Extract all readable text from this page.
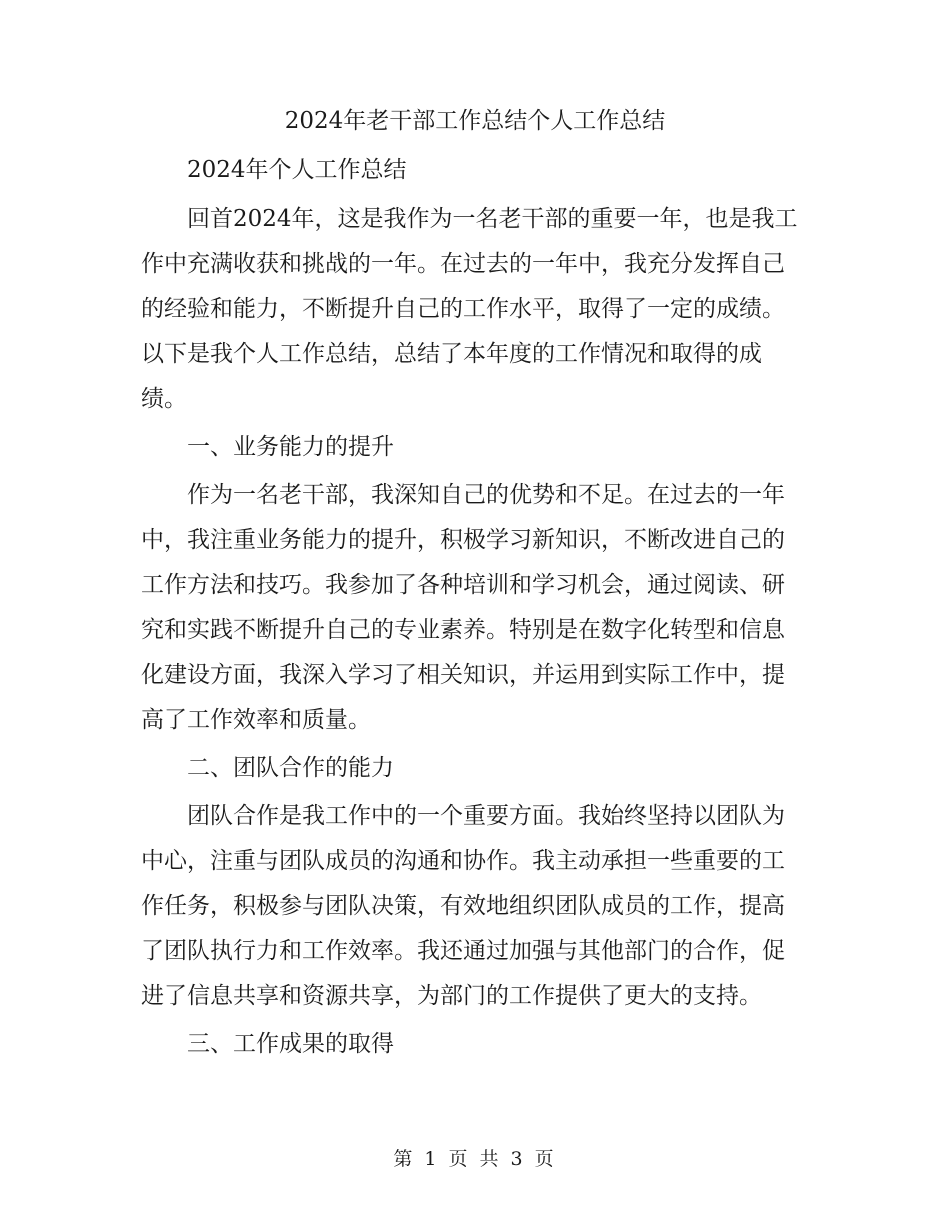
2024年老干部工作总结个人工作总结
2024年个人工作总结
回首2024年，这是我作为一名老干部的重要一年，也是我工
作中充满收获和挑战的一年。在过去的一年中，我充分发挥自己
的经验和能力，不断提升自己的工作水平，取得了一定的成绩。
以下是我个人工作总结，总结了本年度的工作情况和取得的成
绩。
一、业务能力的提升
作为一名老干部，我深知自己的优势和不足。在过去的一年
中，我注重业务能力的提升，积极学习新知识，不断改进自己的
工作方法和技巧。我参加了各种培训和学习机会，通过阅读、研
究和实践不断提升自己的专业素养。特别是在数字化转型和信息
化建设方面，我深入学习了相关知识，并运用到实际工作中，提
高了工作效率和质量。
二、团队合作的能力
团队合作是我工作中的一个重要方面。我始终坚持以团队为
中心，注重与团队成员的沟通和协作。我主动承担一些重要的工
作任务，积极参与团队决策，有效地组织团队成员的工作，提高
了团队执行力和工作效率。我还通过加强与其他部门的合作，促
进了信息共享和资源共享，为部门的工作提供了更大的支持。
三、工作成果的取得
第 1 页 共 3 页
